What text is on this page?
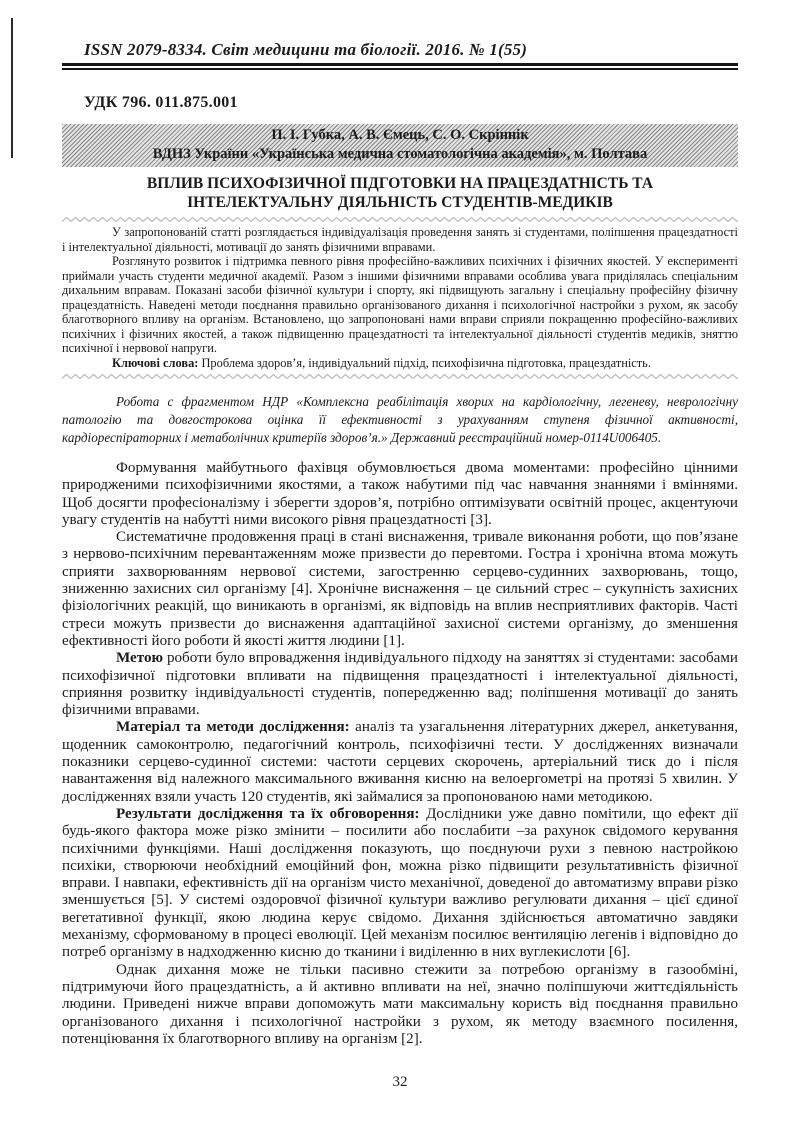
ISSN 2079-8334. Світ медицини та біології. 2016. № 1(55)
УДК 796. 011.875.001
П. І. Губка, А. В. Ємець, С. О. Скріннік
ВДНЗ України «Українська медична стоматологічна академія», м. Полтава
ВПЛИВ ПСИХОФІЗИЧНОЇ ПІДГОТОВКИ НА ПРАЦЕЗДАТНІСТЬ ТА
ІНТЕЛЕКТУАЛЬНУ ДІЯЛЬНІСТЬ СТУДЕНТІВ-МЕДИКІВ

У запропонованій статті розглядається індивідуалізація проведення занять зі студентами, поліпшення працездатності і інтелектуальної діяльності, мотивації до занять фізичними вправами.

Розглянуто розвиток і підтримка певного рівня професійно-важливих психічних і фізичних якостей. У експерименті приймали участь студенти медичної академії. Разом з іншими фізичними вправами особлива увага приділялась спеціальним дихальним вправам. Показані засоби фізичної культури і спорту, які підвищують загальну і спеціальну професійну фізичну працездатність. Наведені методи поєднання правильно організованого дихання і психологічної настройки з рухом, як засобу благотворного впливу на організм. Встановлено, що запропоновані нами вправи сприяли покращенню професійно-важливих психічних і фізичних якостей, а також підвищенню працездатності та інтелектуальної діяльності студентів медиків, зняттю психічної і нервової напруги.

Ключові слова: Проблема здоров’я, індивідуальний підхід, психофізична підготовка, працездатність.

Робота с фрагментом НДР «Комплексна реабілітація хворих на кардіологічну, легеневу, неврологічну патологію та довгострокова оцінка її ефективності з урахуванням ступеня фізичної активності, кардіореспіраторних і метаболічних критеріїв здоров’я.» Державний реєстраційний номер-0114U006405.

Формування майбутнього фахівця обумовлюється двома моментами: професійно цінними природженими психофізичними якостями, а також набутими під час навчання знаннями і вміннями. Щоб досягти професіоналізму і зберегти здоров’я, потрібно оптимізувати освітній процес, акцентуючи увагу студентів на набутті ними високого рівня працездатності [3].

Систематичне продовження праці в стані виснаження, тривале виконання роботи, що пов’язане з нервово-психічним перевантаженням може призвести до перевтоми. Гостра і хронічна втома можуть сприяти захворюванням нервової системи, загостренню серцево-судинних захворювань, тощо, зниженню захисних сил організму [4]. Хронічне виснаження – це сильний стрес – сукупність захисних фізіологічних реакцій, що виникають в організмі, як відповідь на вплив несприятливих факторів. Часті стреси можуть призвести до виснаження адаптаційної захисної системи організму, до зменшення ефективності його роботи й якості життя людини [1].

Метою роботи було впровадження індивідуального підходу на заняттях зі студентами: засобами психофізичної підготовки впливати на підвищення працездатності і інтелектуальної діяльності, сприяння розвитку індивідуальності студентів, попередженню вад; поліпшення мотивації до занять фізичними вправами.

Матеріал та методи дослідження: аналіз та узагальнення літературних джерел, анкетування, щоденник самоконтролю, педагогічний контроль, психофізичні тести. У дослідженнях визначали показники серцево-судинної системи: частоти серцевих скорочень, артеріальний тиск до і після навантаження від належного максимального вживання кисню на велоергометрі на протязі 5 хвилин. У дослідженнях взяли участь 120 студентів, які займалися за пропонованою нами методикою.

Результати дослідження та їх обговорення: Дослідники уже давно помітили, що ефект дії будь-якого фактора може різко змінити – посилити або послабити –за рахунок свідомого керування психічними функціями. Наші дослідження показують, що поєднуючи рухи з певною настройкою психіки, створюючи необхідний емоційний фон, можна різко підвищити результативність фізичної вправи. І навпаки, ефективність дії на організм чисто механічної, доведеної до автоматизму вправи різко зменшується [5]. У системі оздоровчої фізичної культури важливо регулювати дихання – цієї єдиної вегетативної функції, якою людина керує свідомо. Дихання здійснюється автоматично завдяки механізму, сформованому в процесі еволюції. Цей механізм посилює вентиляцію легенів і відповідно до потреб організму в надходженню кисню до тканини і виділенню в них вуглекислоти [6].

Однак дихання може не тільки пасивно стежити за потребою організму в газообміні, підтримуючи його працездатність, а й активно впливати на неї, значно поліпшуючи життєдіяльність людини. Приведені нижче вправи допоможуть мати максимальну користь від поєднання правильно організованого дихання і психологічної настройки з рухом, як методу взаємного посилення, потенціювання їх благотворного впливу на організм [2].

32
